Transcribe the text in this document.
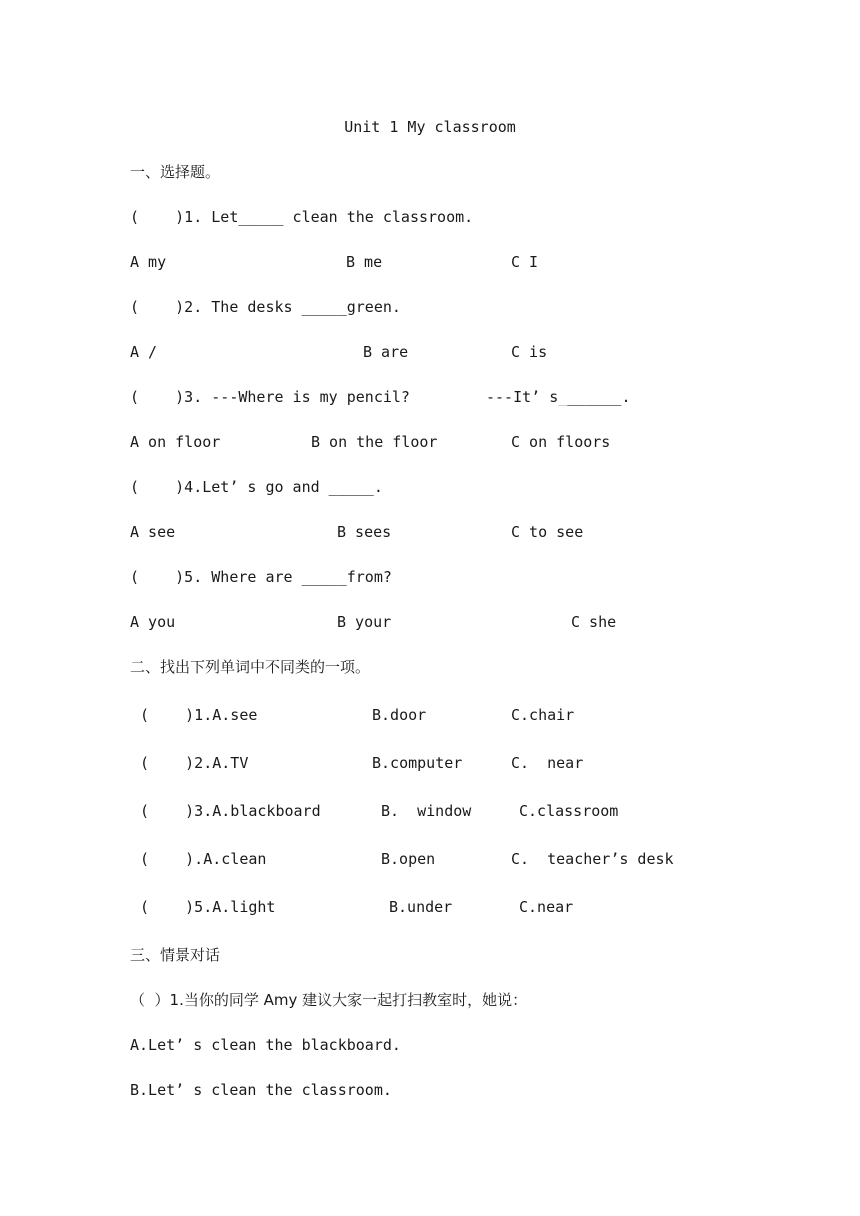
Unit 1 My classroom
一、选择题。
(    )1. Let_____ clean the classroom.
A my	B me	C I
(    )2. The desks _____green.
A /	B are	C is
(    )3. ---Where is my pencil?	---It’ s_______.
A on floor	B on the floor	C on floors
(    )4.Let’ s go and _____.
A see	B sees	C to see
(    )5. Where are _____from?
A you	B your	C she
二、找出下列单词中不同类的一项。
(    )1.A.see	B.door	C.chair
(    )2.A.TV	B.computer	C.  near
(    )3.A.blackboard	B.  window	C.classroom
(    ).A.clean	B.open	C.  teacher’s desk
(    )5.A.light	B.under	C.near
三、情景对话
（  ）1.当你的同学 Amy 建议大家一起打扫教室时，她说：
A.Let’ s clean the blackboard.
B.Let’ s clean the classroom.
